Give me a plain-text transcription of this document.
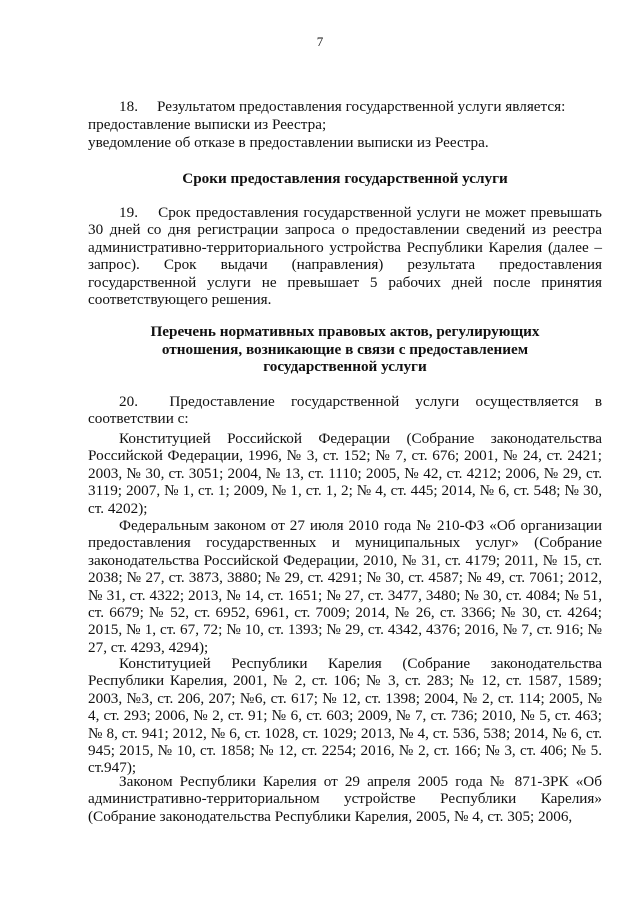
7
18.  Результатом предоставления государственной услуги является:
предоставление выписки из Реестра;
уведомление об отказе в предоставлении выписки из Реестра.
Сроки предоставления государственной услуги
19.  Срок предоставления государственной услуги не может превышать 30 дней со дня регистрации запроса о предоставлении сведений из реестра административно-территориального устройства Республики Карелия (далее – запрос). Срок выдачи (направления) результата предоставления государственной услуги не превышает 5 рабочих дней после принятия соответствующего решения.
Перечень нормативных правовых актов, регулирующих
отношения, возникающие в связи с предоставлением
государственной услуги
20.  Предоставление государственной услуги осуществляется в соответствии с:
Конституцией Российской Федерации (Собрание законодательства Российской Федерации, 1996, № 3, ст. 152; № 7, ст. 676; 2001, № 24, ст. 2421; 2003, № 30, ст. 3051; 2004, № 13, ст. 1110; 2005, № 42, ст. 4212; 2006, № 29, ст. 3119; 2007, № 1, ст. 1; 2009, № 1, ст. 1, 2; № 4, ст. 445; 2014, № 6, ст. 548; № 30, ст. 4202);
Федеральным законом от 27 июля 2010 года № 210-ФЗ «Об организации предоставления государственных и муниципальных услуг» (Собрание законодательства Российской Федерации, 2010, № 31, ст. 4179; 2011, № 15, ст. 2038; № 27, ст. 3873, 3880; № 29, ст. 4291; № 30, ст. 4587; № 49, ст. 7061; 2012, № 31, ст. 4322; 2013, № 14, ст. 1651; № 27, ст. 3477, 3480; № 30, ст. 4084; № 51, ст. 6679; № 52, ст. 6952, 6961, ст. 7009; 2014, № 26, ст. 3366; № 30, ст. 4264; 2015, № 1, ст. 67, 72; № 10, ст. 1393; № 29, ст. 4342, 4376; 2016, № 7, ст. 916; № 27, ст. 4293, 4294);
Конституцией Республики Карелия (Собрание законодательства Республики Карелия, 2001, № 2, ст. 106; № 3, ст. 283; № 12, ст. 1587, 1589; 2003, №3, ст. 206, 207; №6, ст. 617; № 12, ст. 1398; 2004, № 2, ст. 114; 2005, № 4, ст. 293; 2006, № 2, ст. 91; № 6, ст. 603; 2009, № 7, ст. 736; 2010, № 5, ст. 463; № 8, ст. 941; 2012, № 6, ст. 1028, ст. 1029; 2013, № 4, ст. 536, 538; 2014, № 6, ст. 945; 2015, № 10, ст. 1858; № 12, ст. 2254; 2016, № 2, ст. 166; № 3, ст. 406; № 5. ст.947);
Законом Республики Карелия от 29 апреля 2005 года № 871-ЗРК «Об административно-территориальном устройстве Республики Карелия» (Собрание законодательства Республики Карелия, 2005, № 4, ст. 305; 2006,
